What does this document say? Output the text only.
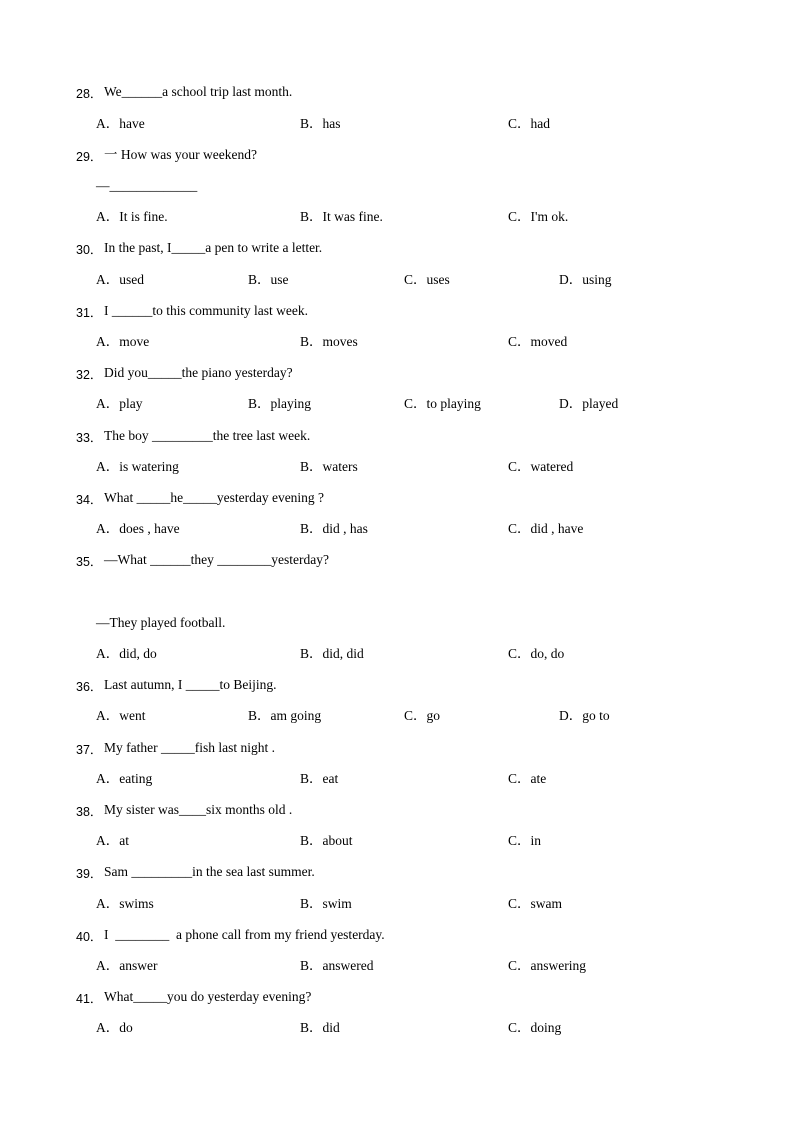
28． We______a school trip last month.
A．have	B．has	C．had
29． 一 How was your weekend?
—_____________
A．It is fine.	B．It was fine.	C．I'm ok.
30． In the past, I_____a pen to write a letter.
A．used	B．use	C．uses	D．using
31． I ______to this community last week.
A．move	B．moves	C．moved
32． Did you_____the piano yesterday?
A．play	B．playing	C．to playing	D．played
33． The boy _________the tree last week.
A．is watering	B．waters	C．watered
34． What _____he_____yesterday evening ?
A．does , have	B．did , has	C．did , have
35． —What ______they ________yesterday?
—They played football.
A．did, do	B．did, did	C．do, do
36． Last autumn, I _____to Beijing.
A．went	B．am going	C．go	D．go to
37． My father _____fish last night .
A．eating	B．eat	C．ate
38． My sister was____six months old .
A．at	B．about	C．in
39． Sam _________in the sea last summer.
A．swims	B．swim	C．swam
40． I  ________  a phone call from my friend yesterday.
A．answer	B．answered	C．answering
41． What_____you do yesterday evening?
A．do	B．did	C．doing
